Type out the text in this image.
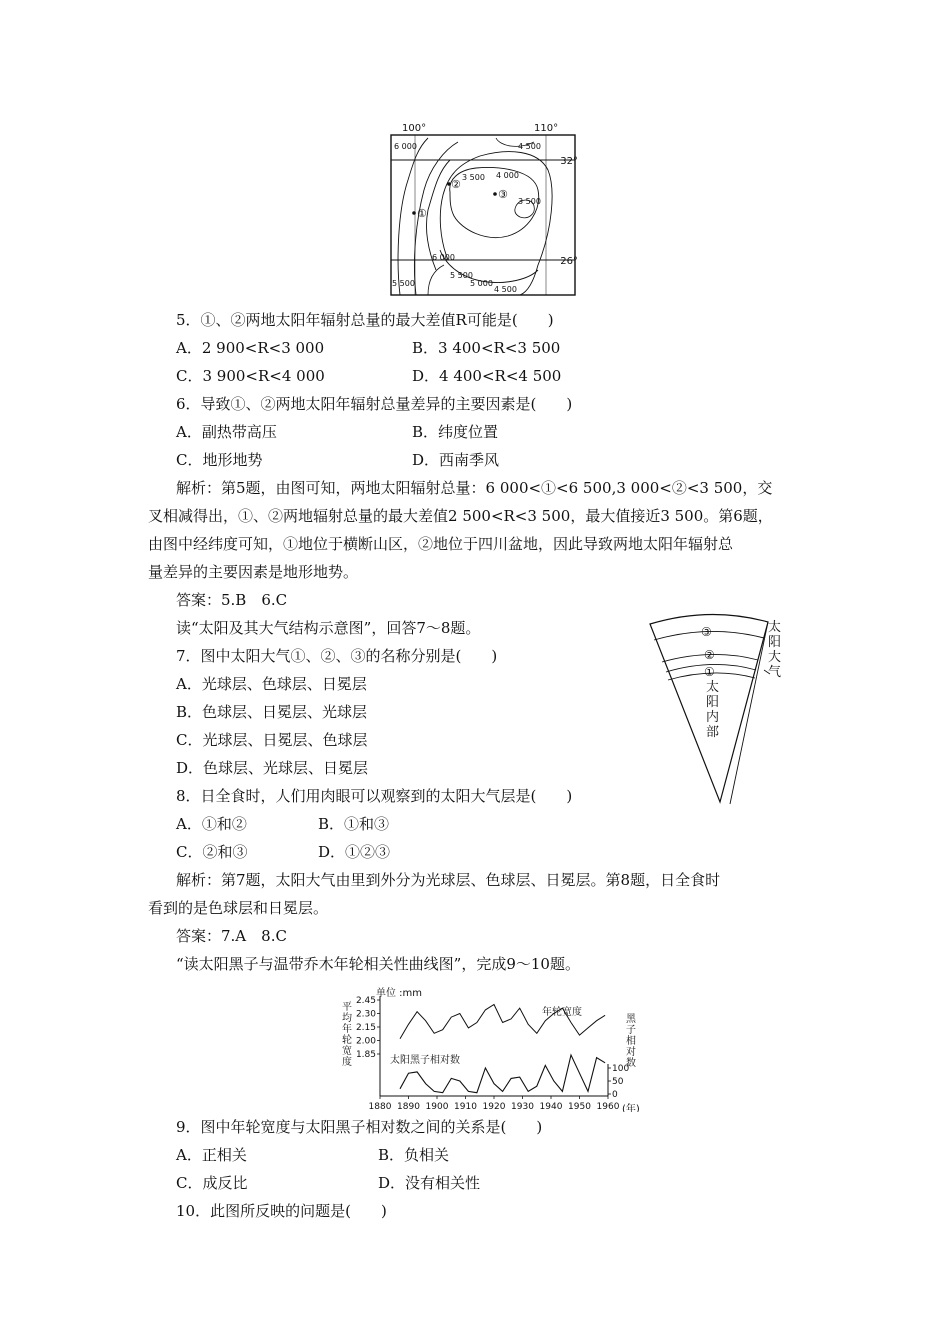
100°	110°
32°
26°
6 000	4 500
3 500 4 000
3 500
6 000
5 500
5 500	5 000
4 500
①
②
③
5．①、②两地太阳年辐射总量的最大差值R可能是(　　)
A．2 900<R<3 000	B．3 400<R<3 500
C．3 900<R<4 000	D．4 400<R<4 500
6．导致①、②两地太阳年辐射总量差异的主要因素是(　　)
A．副热带高压	B．纬度位置
C．地形地势	D．西南季风
解析：第5题，由图可知，两地太阳辐射总量：6 000<①<6 500,3 000<②<3 500，交
叉相减得出，①、②两地辐射总量的最大差值2 500<R<3 500，最大值接近3 500。第6题，
由图中经纬度可知，①地位于横断山区，②地位于四川盆地，因此导致两地太阳年辐射总
量差异的主要因素是地形地势。
答案：5.B　6.C
读“太阳及其大气结构示意图”，回答7～8题。
7．图中太阳大气①、②、③的名称分别是(　　)
A．光球层、色球层、日冕层
B．色球层、日冕层、光球层
C．光球层、日冕层、色球层
D．色球层、光球层、日冕层
8．日全食时，人们用肉眼可以观察到的太阳大气层是(　　)
A．①和②	B．①和③
C．②和③	D．①②③
③
②
①
太阳大气
太阳内部
解析：第7题，太阳大气由里到外分为光球层、色球层、日冕层。第8题，日全食时
看到的是色球层和日冕层。
答案：7.A　8.C
“读太阳黑子与温带乔木年轮相关性曲线图”，完成9～10题。
单位 :mm
年轮宽度
太阳黑子相对数
(年)
1880 1890 1900 1910 1920 1930 1940 1950 1960
2.45
2.30
2.15
2.00
1.85
100
50
0
平均年轮宽度
黑子相对数
9．图中年轮宽度与太阳黑子相对数之间的关系是(　　)
A．正相关	B．负相关
C．成反比	D．没有相关性
10．此图所反映的问题是(　　)
